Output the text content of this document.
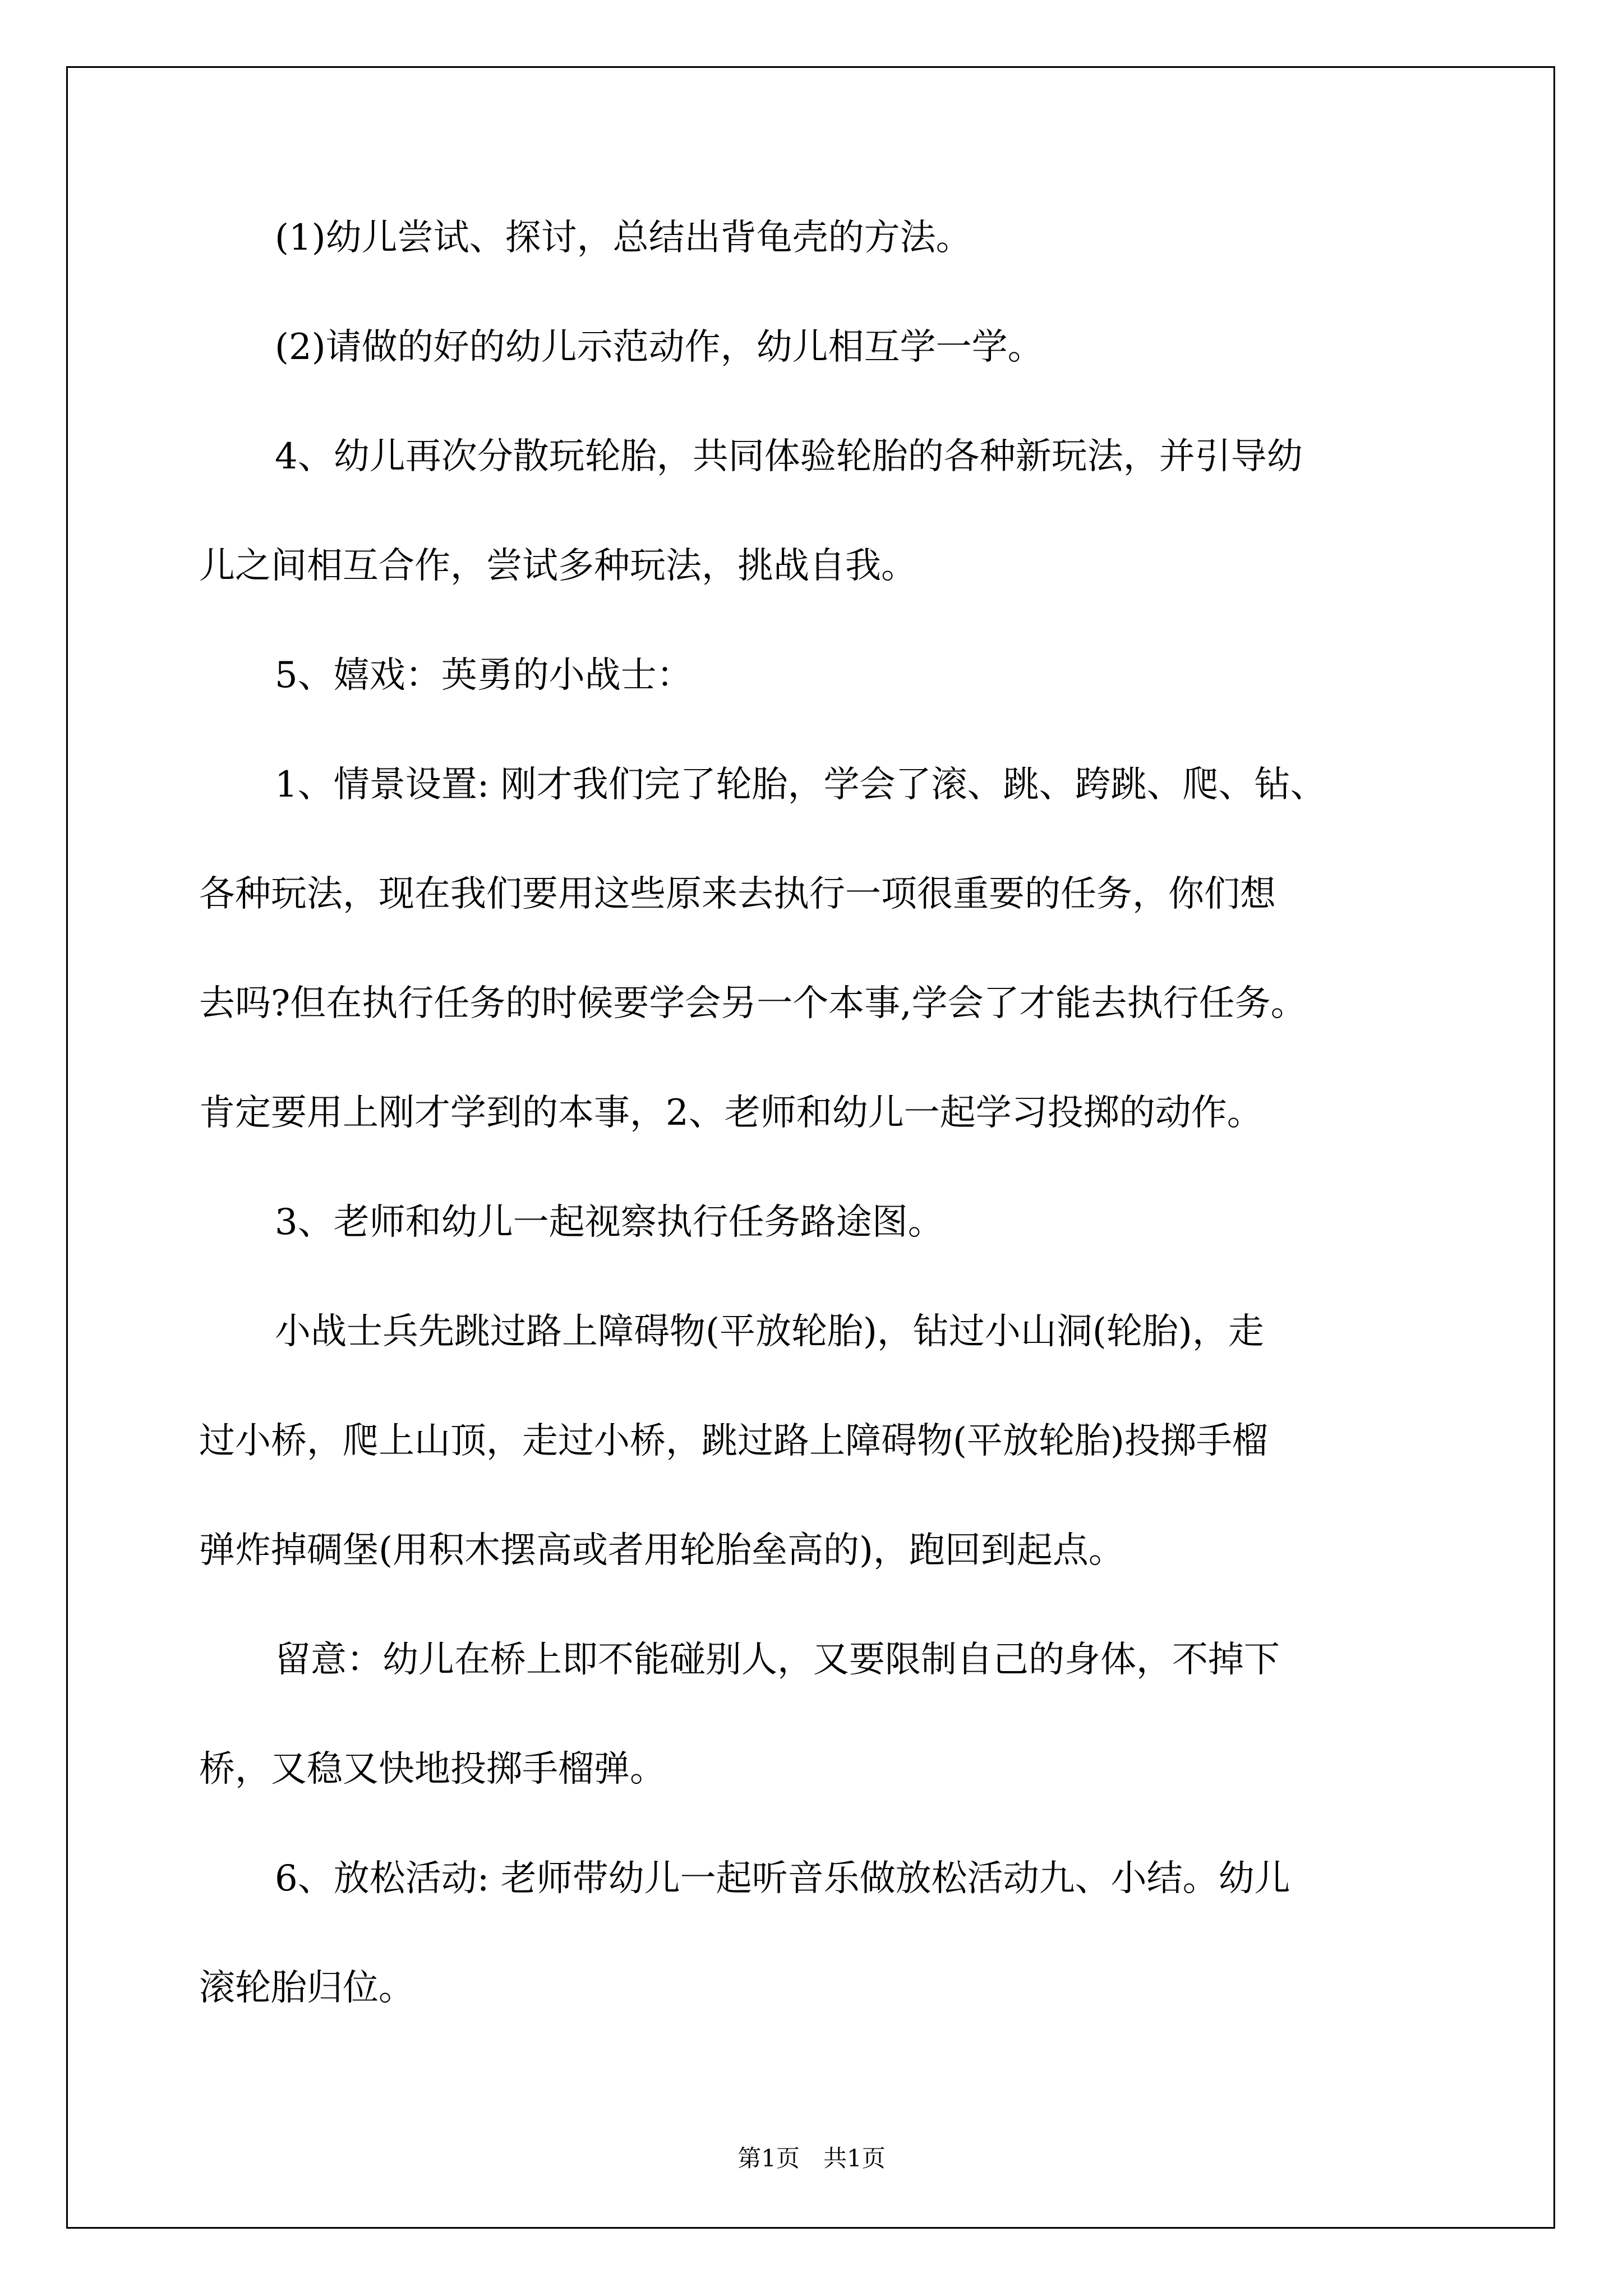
(1)幼儿尝试、探讨，总结出背龟壳的方法。
(2)请做的好的幼儿示范动作，幼儿相互学一学。
4、幼儿再次分散玩轮胎，共同体验轮胎的各种新玩法，并引导幼
儿之间相互合作，尝试多种玩法，挑战自我。
5、嬉戏：英勇的小战士：
1、情景设置: 刚才我们完了轮胎，学会了滚、跳、跨跳、爬、钻、
各种玩法，现在我们要用这些原来去执行一项很重要的任务，你们想
去吗?但在执行任务的时候要学会另一个本事,学会了才能去执行任务。
肯定要用上刚才学到的本事，2、老师和幼儿一起学习投掷的动作。
3、老师和幼儿一起视察执行任务路途图。
小战士兵先跳过路上障碍物(平放轮胎)，钻过小山洞(轮胎)，走
过小桥，爬上山顶，走过小桥，跳过路上障碍物(平放轮胎)投掷手榴
弹炸掉碉堡(用积木摆高或者用轮胎垒高的)，跑回到起点。
留意：幼儿在桥上即不能碰别人，又要限制自己的身体，不掉下
桥，又稳又快地投掷手榴弹。
6、放松活动: 老师带幼儿一起听音乐做放松活动九、小结。幼儿
滚轮胎归位。
第1页　共1页
